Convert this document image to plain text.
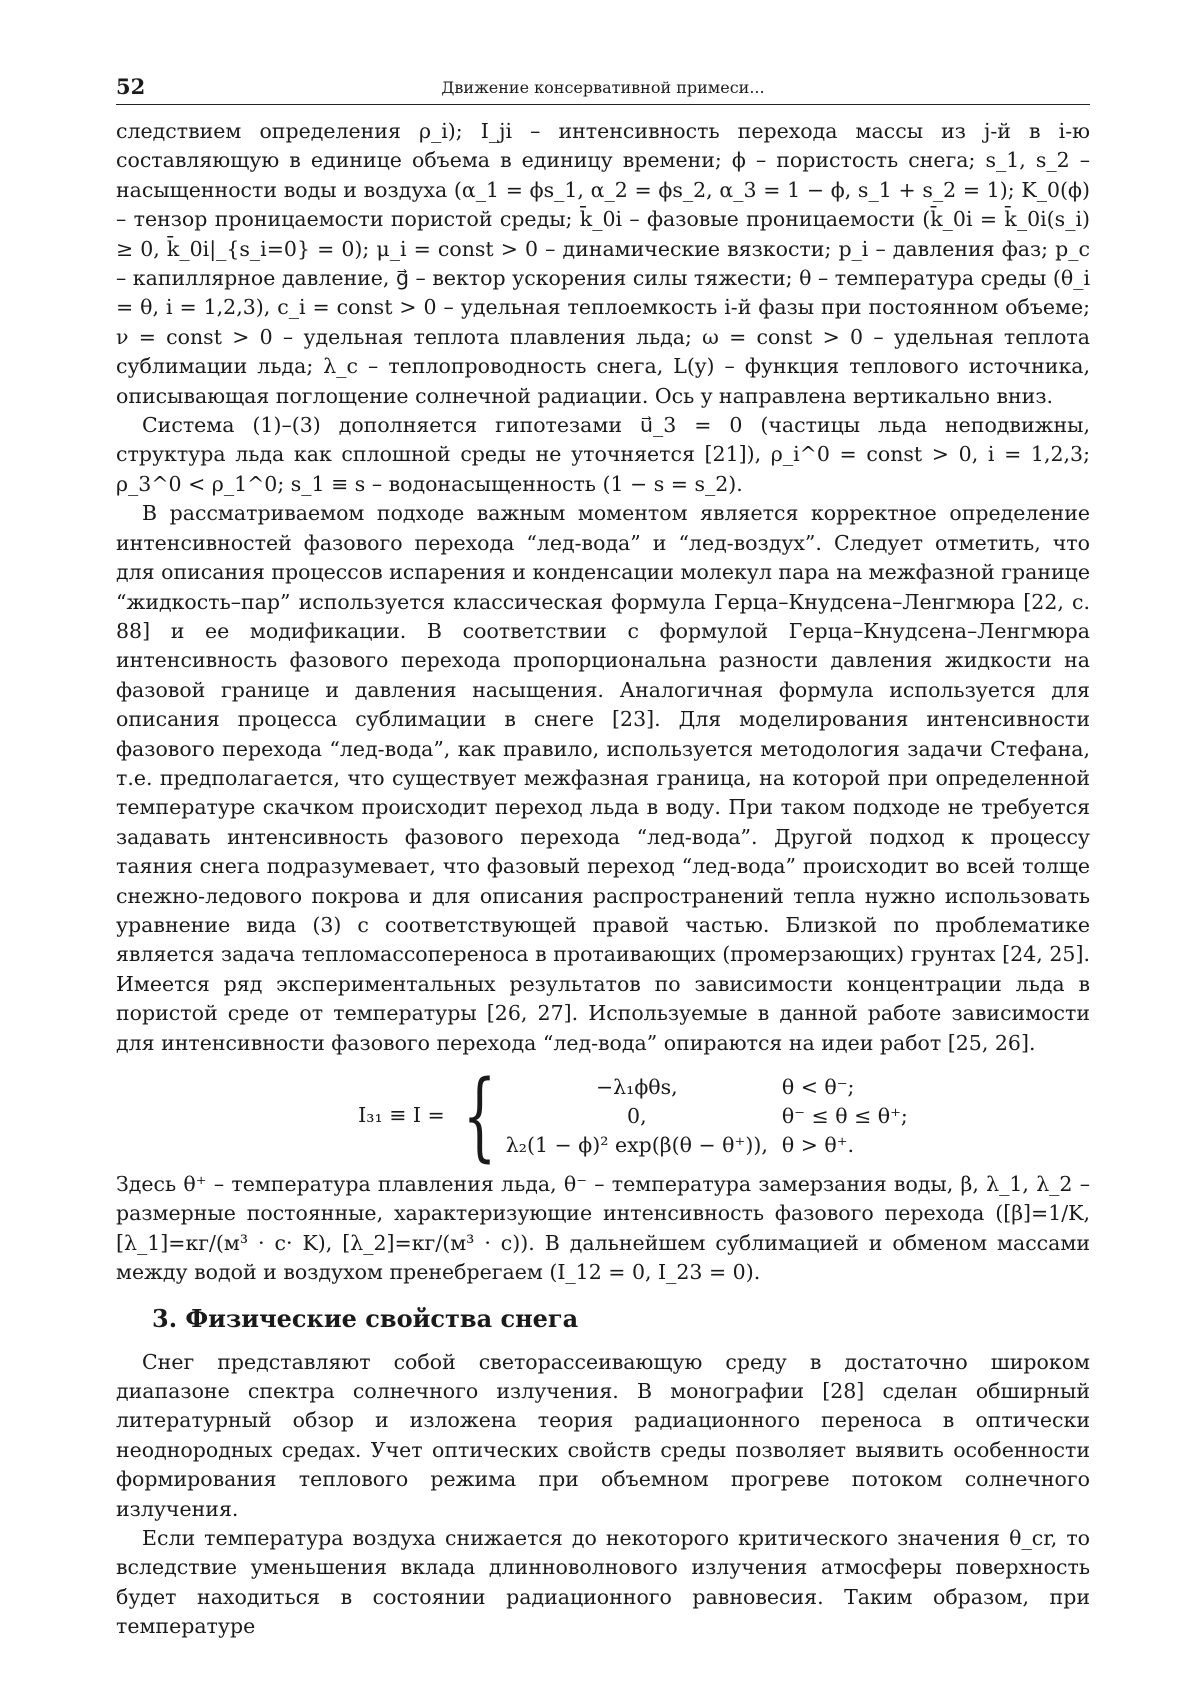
52	Движение консервативной примеси...

следствием определения ρ_i); I_ji – интенсивность перехода массы из j-й в i-ю составляющую в единице объема в единицу времени; ϕ – пористость снега; s_1, s_2 – насыщенности воды и воздуха (α_1 = ϕs_1, α_2 = ϕs_2, α_3 = 1 − ϕ, s_1 + s_2 = 1); K_0(ϕ) – тензор проницаемости пористой среды; k̄_0i – фазовые проницаемости (k̄_0i = k̄_0i(s_i) ≥ 0, k̄_0i|_{s_i=0} = 0); μ_i = const > 0 – динамические вязкости; p_i – давления фаз; p_c – капиллярное давление, g⃗ – вектор ускорения силы тяжести; θ – температура среды (θ_i = θ, i = 1,2,3), c_i = const > 0 – удельная теплоемкость i-й фазы при постоянном объеме; ν = const > 0 – удельная теплота плавления льда; ω = const > 0 – удельная теплота сублимации льда; λ_c – теплопроводность снега, L(y) – функция теплового источника, описывающая поглощение солнечной радиации. Ось y направлена вертикально вниз.

Система (1)–(3) дополняется гипотезами u⃗_3 = 0 (частицы льда неподвижны, структура льда как сплошной среды не уточняется [21]), ρ_i^0 = const > 0, i = 1,2,3; ρ_3^0 < ρ_1^0; s_1 ≡ s – водонасыщенность (1 − s = s_2).

В рассматриваемом подходе важным моментом является корректное определение интенсивностей фазового перехода “лед-вода” и “лед-воздух”. Следует отметить, что для описания процессов испарения и конденсации молекул пара на межфазной границе “жидкость–пар” используется классическая формула Герца–Кнудсена–Ленгмюра [22, с. 88] и ее модификации. В соответствии с формулой Герца–Кнудсена–Ленгмюра интенсивность фазового перехода пропорциональна разности давления жидкости на фазовой границе и давления насыщения. Аналогичная формула используется для описания процесса сублимации в снеге [23]. Для моделирования интенсивности фазового перехода “лед-вода”, как правило, используется методология задачи Стефана, т.е. предполагается, что существует межфазная граница, на которой при определенной температуре скачком происходит переход льда в воду. При таком подходе не требуется задавать интенсивность фазового перехода “лед-вода”. Другой подход к процессу таяния снега подразумевает, что фазовый переход “лед-вода” происходит во всей толще снежно-ледового покрова и для описания распространений тепла нужно использовать уравнение вида (3) с соответствующей правой частью. Близкой по проблематике является задача тепломассопереноса в протаивающих (промерзающих) грунтах [24, 25]. Имеется ряд экспериментальных результатов по зависимости концентрации льда в пористой среде от температуры [26, 27]. Используемые в данной работе зависимости для интенсивности фазового перехода “лед-вода” опираются на идеи работ [25, 26].

I₃₁ ≡ I = {	−λ₁ϕθs,	θ < θ⁻;
0,	θ⁻ ≤ θ ≤ θ⁺;
λ₂(1 − ϕ)² exp(β(θ − θ⁺)), θ > θ⁺.

Здесь θ⁺ – температура плавления льда, θ⁻ – температура замерзания воды, β, λ_1, λ_2 – размерные постоянные, характеризующие интенсивность фазового перехода ([β]=1/K,[λ_1]=кг/(м³ · c· K), [λ_2]=кг/(м³ · c)). В дальнейшем сублимацией и обменом массами между водой и воздухом пренебрегаем (I_12 = 0, I_23 = 0).

3. Физические свойства снега

Снег представляют собой светорассеивающую среду в достаточно широком диапазоне спектра солнечного излучения. В монографии [28] сделан обширный литературный обзор и изложена теория радиационного переноса в оптически неоднородных средах. Учет оптических свойств среды позволяет выявить особенности формирования теплового режима при объемном прогреве потоком солнечного излучения.

Если температура воздуха снижается до некоторого критического значения θ_cr, то вследствие уменьшения вклада длинноволнового излучения атмосферы поверхность будет находиться в состоянии радиационного равновесия. Таким образом, при температуре
